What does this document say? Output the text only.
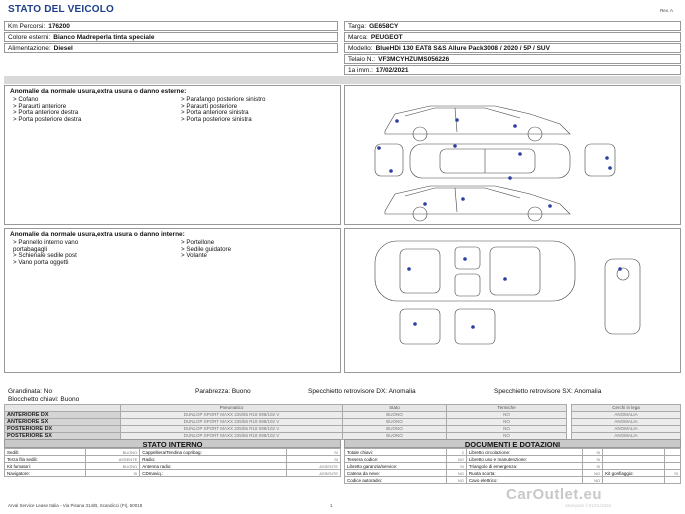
STATO DEL VEICOLO	Rev. A
Km Percorsi: 176200
Colore esterni: Bianco Madreperla tinta speciale
Alimentazione: Diesel
Targa: GE658CY
Marca: PEUGEOT
Modello: BlueHDi 130 EAT8 S&S Allure Pack3008 / 2020 / 5P / SUV
Telaio N.: VF3MCYHZUMS056226
1a imm.: 17/02/2021
Anomalie da normale usura,extra usura o danno esterne:
> Cofano
> Paraurti anteriore
> Porta anteriore destra
> Porta posteriore destra
> Parafango posteriore sinistro
> Paraurti posteriore
> Porta anteriore sinistra
> Porta posteriore sinistra
Anomalie da normale usura,extra usura o danno interne:
> Pannello interno vano
portabagagli
> Schienale sedile post
> Vano porta oggetti
> Portellone
> Sedile guidatore
> Volante
Grandinata: No	Parabrezza: Buono	Specchietto retrovisore DX: Anomalia	Specchietto retrovisore SX: Anomalia
Blocchetto chiavi: Buono
	Pneumatico	Stato	Termiche		Cerchi in lega
ANTERIORE DX	DUNLOP SPORT MAXX 225/55 R18 098/102 V	BUONO	NO		ANOMALIA
ANTERIORE SX	DUNLOP SPORT MAXX 225/55 R18 098/102 V	BUONO	NO		ANOMALIA
POSTERIORE DX	DUNLOP SPORT MAXX 225/55 R18 098/102 V	BUONO	NO		ANOMALIA
POSTERIORE SX	DUNLOP SPORT MAXX 225/55 R18 098/102 V	BUONO	NO		ANOMALIA
STATO INTERNO
Sedili:	BUONO	Cappelliera/Tendina copribag:	SI
Terza fila sedili:	ASSENTE	Radio:	SI
Kit fumatori:	BUONO	Antenna radio:	ASSENTE
Navigatore:	SI	CDInaviq.:	ASSENTE
DOCUMENTI E DOTAZIONI
Totale chiavi:	2	Libretto circolazione:	SI		
Tessera codice:	NO	Libretto uso e manutenzione:	SI		
Libretto garanzia/service:	SI	Triangolo di emergenza:	SI		
Catena da neve:	NO	Ruota scorta:	NO	Kit gonfiaggio:	SI
Codice autoradio:	NO	Cavo elettrico:	NO		
Arval Service Lease Italia - Via Pisana 314/B, Scandicci (FI), 50018	1	Stampato il 01/01/2024
CarOutlet.eu
